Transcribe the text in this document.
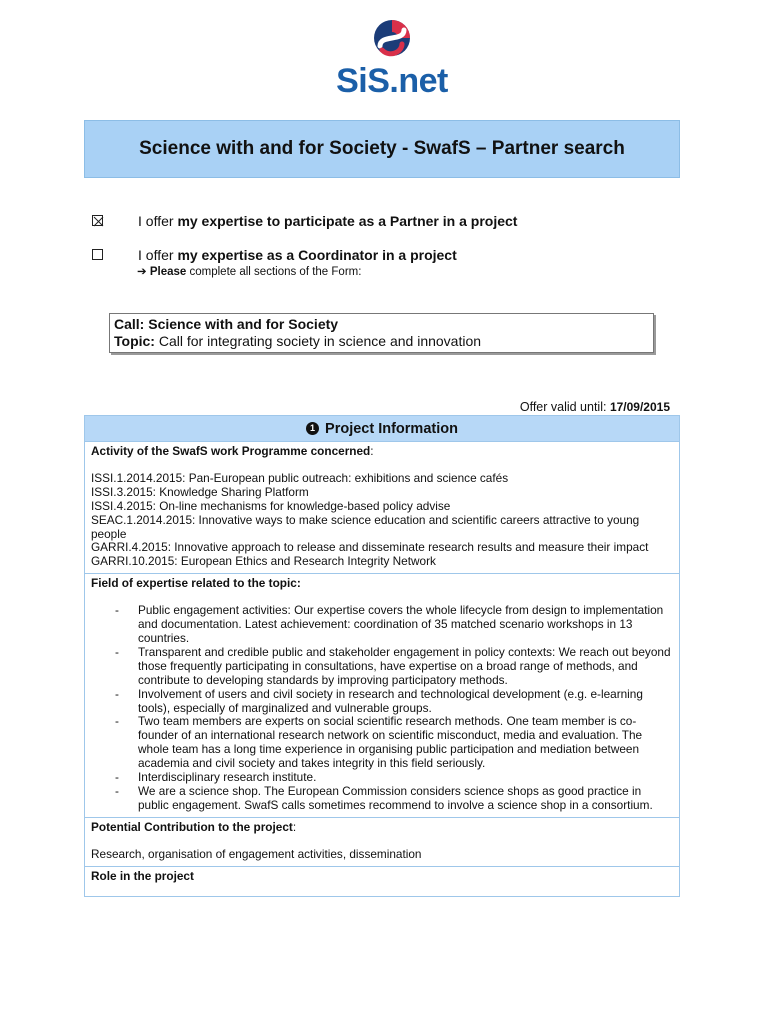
SiS.net
Science with and for Society - SwafS – Partner search
I offer my expertise to participate as a Partner in a project
I offer my expertise as a Coordinator in a project
➔ Please complete all sections of the Form:
Call: Science with and for Society
Topic: Call for integrating society in science and innovation
Offer valid until: 17/09/2015
1 Project Information
Activity of the SwafS work Programme concerned:
ISSI.1.2014.2015: Pan-European public outreach: exhibitions and science cafés
ISSI.3.2015: Knowledge Sharing Platform
ISSI.4.2015: On-line mechanisms for knowledge-based policy advise
SEAC.1.2014.2015: Innovative ways to make science education and scientific careers attractive to young people
GARRI.4.2015: Innovative approach to release and disseminate research results and measure their impact
GARRI.10.2015: European Ethics and Research Integrity Network
Field of expertise related to the topic:
- Public engagement activities: Our expertise covers the whole lifecycle from design to implementation and documentation. Latest achievement: coordination of 35 matched scenario workshops in 13 countries.
- Transparent and credible public and stakeholder engagement in policy contexts: We reach out beyond those frequently participating in consultations, have expertise on a broad range of methods, and contribute to developing standards by improving participatory methods.
- Involvement of users and civil society in research and technological development (e.g. e-learning tools), especially of marginalized and vulnerable groups.
- Two team members are experts on social scientific research methods. One team member is co-founder of an international research network on scientific misconduct, media and evaluation. The whole team has a long time experience in organising public participation and mediation between academia and civil society and takes integrity in this field seriously.
- Interdisciplinary research institute.
- We are a science shop. The European Commission considers science shops as good practice in public engagement. SwafS calls sometimes recommend to involve a science shop in a consortium.
Potential Contribution to the project:
Research, organisation of engagement activities, dissemination
Role in the project
